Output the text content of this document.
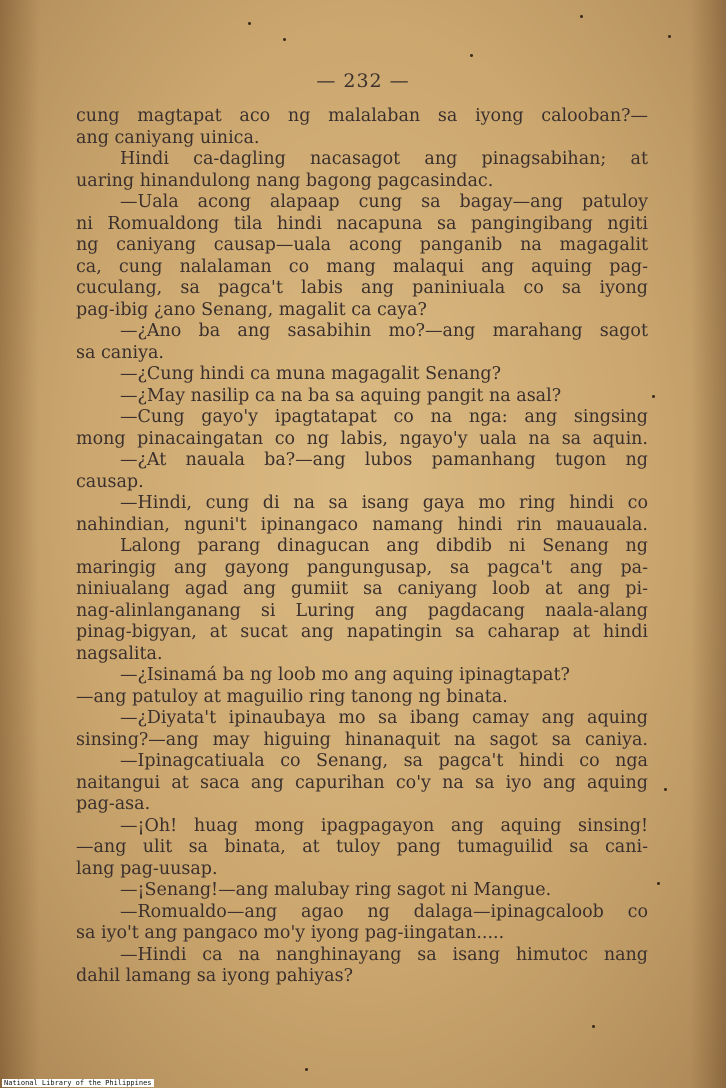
— 232 —
cung magtapat aco ng malalaban sa iyong calooban?—
ang caniyang uinica.
Hindi ca-dagling nacasagot ang pinagsabihan; at
uaring hinandulong nang bagong pagcasindac.
—Uala acong alapaap cung sa bagay—ang patuloy
ni Romualdong tila hindi nacapuna sa pangingibang ngiti
ng caniyang causap—uala acong panganib na magagalit
ca, cung nalalaman co mang malaqui ang aquing pag-
cuculang, sa pagca't labis ang paniniuala co sa iyong
pag-ibig ¿ano Senang, magalit ca caya?
—¿Ano ba ang sasabihin mo?—ang marahang sagot
sa caniya.
—¿Cung hindi ca muna magagalit Senang?
—¿May nasilip ca na ba sa aquing pangit na asal?
—Cung gayo'y ipagtatapat co na nga: ang singsing
mong pinacaingatan co ng labis, ngayo'y uala na sa aquin.
—¿At nauala ba?—ang lubos pamanhang tugon ng
causap.
—Hindi, cung di na sa isang gaya mo ring hindi co
nahindian, nguni't ipinangaco namang hindi rin mauauala.
Lalong parang dinagucan ang dibdib ni Senang ng
maringig ang gayong pangungusap, sa pagca't ang pa-
niniualang agad ang gumiit sa caniyang loob at ang pi-
nag-alinlanganang si Luring ang pagdacang naala-alang
pinag-bigyan, at sucat ang napatingin sa caharap at hindi
nagsalita.
—¿Isinamá ba ng loob mo ang aquing ipinagtapat?
—ang patuloy at maguilio ring tanong ng binata.
—¿Diyata't ipinaubaya mo sa ibang camay ang aquing
sinsing?—ang may higuing hinanaquit na sagot sa caniya.
—Ipinagcatiuala co Senang, sa pagca't hindi co nga
naitangui at saca ang capurihan co'y na sa iyo ang aquing
pag-asa.
—¡Oh! huag mong ipagpagayon ang aquing sinsing!
—ang ulit sa binata, at tuloy pang tumaguilid sa cani-
lang pag-uusap.
—¡Senang!—ang malubay ring sagot ni Mangue.
—Romualdo—ang agao ng dalaga—ipinagcaloob co
sa iyo't ang pangaco mo'y iyong pag-iingatan.....
—Hindi ca na nanghinayang sa isang himutoc nang
dahil lamang sa iyong pahiyas?
National Library of the Philippines
